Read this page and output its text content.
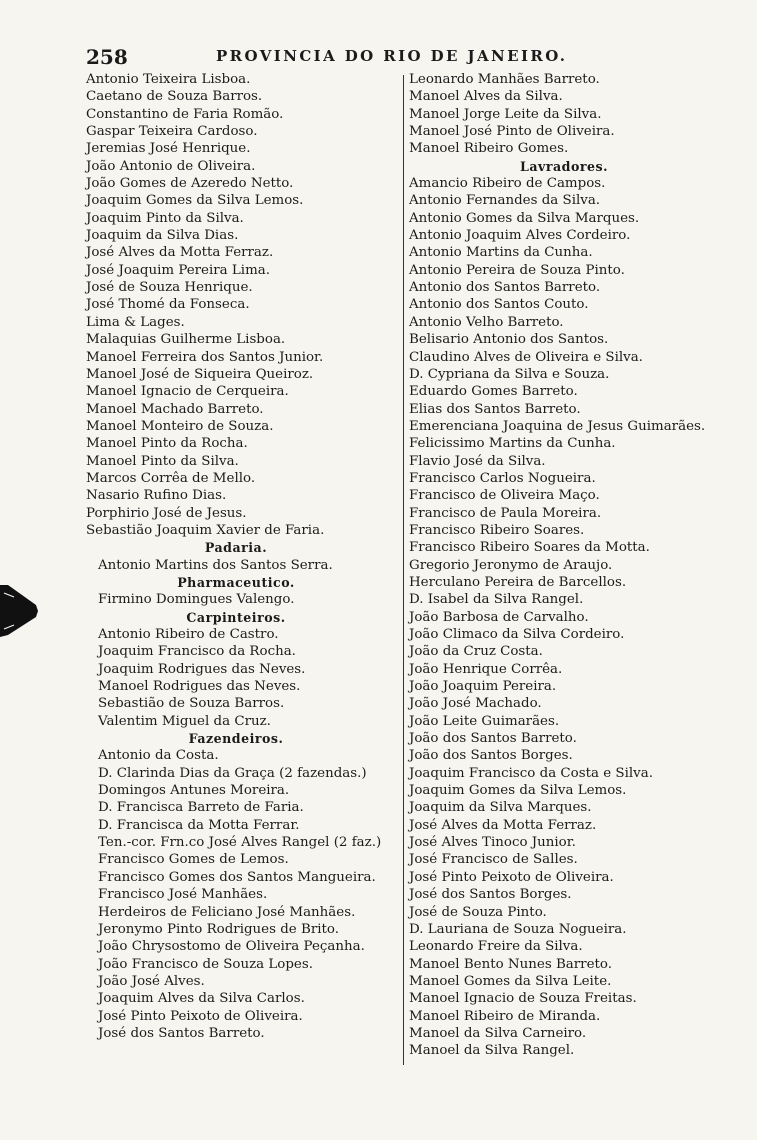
258	PROVINCIA DO RIO DE JANEIRO.
Antonio Teixeira Lisboa.
Caetano de Souza Barros.
Constantino de Faria Romão.
Gaspar Teixeira Cardoso.
Jeremias José Henrique.
João Antonio de Oliveira.
João Gomes de Azeredo Netto.
Joaquim Gomes da Silva Lemos.
Joaquim Pinto da Silva.
Joaquim da Silva Dias.
José Alves da Motta Ferraz.
José Joaquim Pereira Lima.
José de Souza Henrique.
José Thomé da Fonseca.
Lima & Lages.
Malaquias Guilherme Lisboa.
Manoel Ferreira dos Santos Junior.
Manoel José de Siqueira Queiroz.
Manoel Ignacio de Cerqueira.
Manoel Machado Barreto.
Manoel Monteiro de Souza.
Manoel Pinto da Rocha.
Manoel Pinto da Silva.
Marcos Corrêa de Mello.
Nasario Rufino Dias.
Porphirio José de Jesus.
Sebastião Joaquim Xavier de Faria.
Padaria.
Antonio Martins dos Santos Serra.
Pharmaceutico.
Firmino Domingues Valengo.
Carpinteiros.
Antonio Ribeiro de Castro.
Joaquim Francisco da Rocha.
Joaquim Rodrigues das Neves.
Manoel Rodrigues das Neves.
Sebastião de Souza Barros.
Valentim Miguel da Cruz.
Fazendeiros.
Antonio da Costa.
D. Clarinda Dias da Graça (2 fazendas.)
Domingos Antunes Moreira.
D. Francisca Barreto de Faria.
D. Francisca da Motta Ferrar.
Ten.-cor. Frn.co José Alves Rangel (2 faz.)
Francisco Gomes de Lemos.
Francisco Gomes dos Santos Mangueira.
Francisco José Manhães.
Herdeiros de Feliciano José Manhães.
Jeronymo Pinto Rodrigues de Brito.
João Chrysostomo de Oliveira Peçanha.
João Francisco de Souza Lopes.
João José Alves.
Joaquim Alves da Silva Carlos.
José Pinto Peixoto de Oliveira.
José dos Santos Barreto.
Leonardo Manhães Barreto.
Manoel Alves da Silva.
Manoel Jorge Leite da Silva.
Manoel José Pinto de Oliveira.
Manoel Ribeiro Gomes.
Lavradores.
Amancio Ribeiro de Campos.
Antonio Fernandes da Silva.
Antonio Gomes da Silva Marques.
Antonio Joaquim Alves Cordeiro.
Antonio Martins da Cunha.
Antonio Pereira de Souza Pinto.
Antonio dos Santos Barreto.
Antonio dos Santos Couto.
Antonio Velho Barreto.
Belisario Antonio dos Santos.
Claudino Alves de Oliveira e Silva.
D. Cypriana da Silva e Souza.
Eduardo Gomes Barreto.
Elias dos Santos Barreto.
Emerenciana Joaquina de Jesus Guimarães.
Felicissimo Martins da Cunha.
Flavio José da Silva.
Francisco Carlos Nogueira.
Francisco de Oliveira Maço.
Francisco de Paula Moreira.
Francisco Ribeiro Soares.
Francisco Ribeiro Soares da Motta.
Gregorio Jeronymo de Araujo.
Herculano Pereira de Barcellos.
D. Isabel da Silva Rangel.
João Barbosa de Carvalho.
João Climaco da Silva Cordeiro.
João da Cruz Costa.
João Henrique Corrêa.
João Joaquim Pereira.
João José Machado.
João Leite Guimarães.
João dos Santos Barreto.
João dos Santos Borges.
Joaquim Francisco da Costa e Silva.
Joaquim Gomes da Silva Lemos.
Joaquim da Silva Marques.
José Alves da Motta Ferraz.
José Alves Tinoco Junior.
José Francisco de Salles.
José Pinto Peixoto de Oliveira.
José dos Santos Borges.
José de Souza Pinto.
D. Lauriana de Souza Nogueira.
Leonardo Freire da Silva.
Manoel Bento Nunes Barreto.
Manoel Gomes da Silva Leite.
Manoel Ignacio de Souza Freitas.
Manoel Ribeiro de Miranda.
Manoel da Silva Carneiro.
Manoel da Silva Rangel.
